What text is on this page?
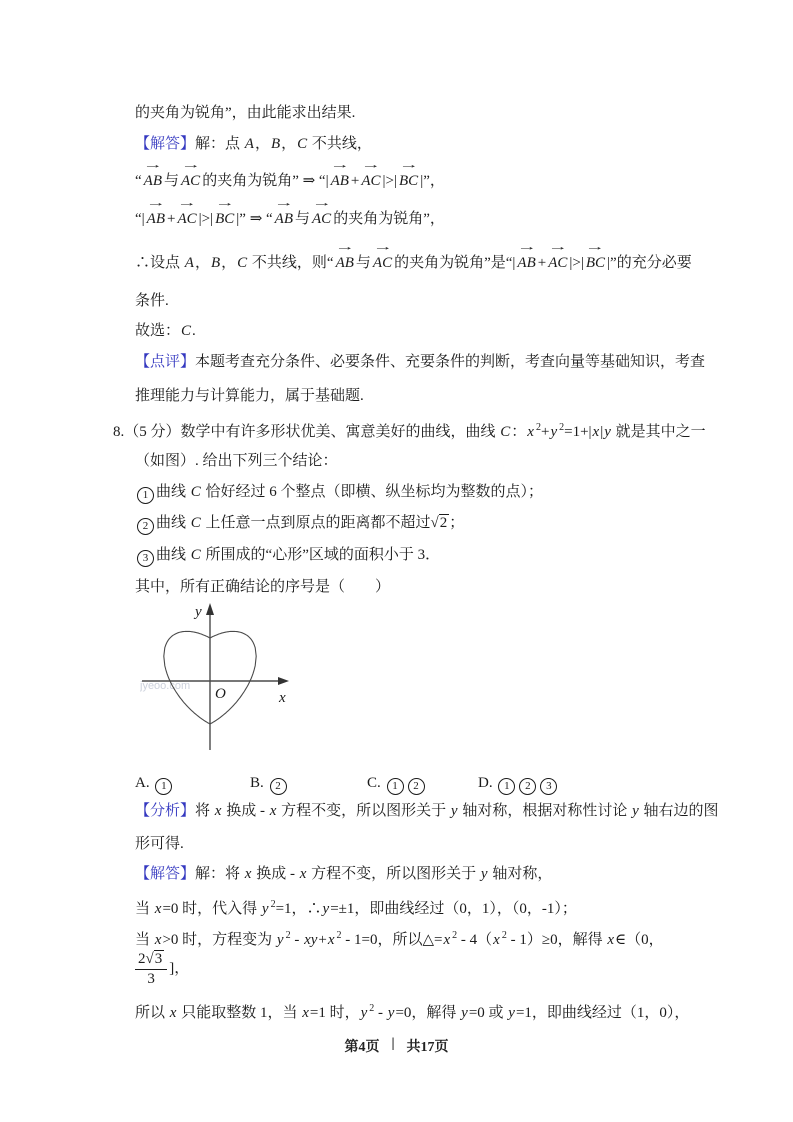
的夹角为锐角”，由此能求出结果.

【解答】解：点 A，B，C 不共线，

“
→
AB 与
→
AC 的夹角为锐角” ⇒ “|
→
AB +
→
AC |>|
→
BC |”，

“|
→
AB +
→
AC |>|
→
BC |” ⇒ “
→
AB 与
→
AC 的夹角为锐角”，

∴设点 A，B，C 不共线，则“
→
AB 与
→
AC 的夹角为锐角”是“|
→
AB +
→
AC |>|
→
BC |”的充分必要

条件.

故选：C.

【点评】本题考查充分条件、必要条件、充要条件的判断，考查向量等基础知识，考查

推理能力与计算能力，属于基础题.

8.（5 分）数学中有许多形状优美、寓意美好的曲线，曲线 C：x $^2$+y $^2$=1+|x|y 就是其中之一

（如图）. 给出下列三个结论：

1 曲线 C 恰好经过 6 个整点（即横、纵坐标均为整数的点）；

2 曲线 C 上任意一点到原点的距离都不超过√2 ；

3 曲线 C 所围成的“心形”区域的面积小于 3．

其中，所有正确结论的序号是（　　）

jyeoo.com
x
y
O

A. 1	B. 2	C. 1 2	D. 1 2 3

【分析】将 x 换成 - x 方程不变，所以图形关于 y 轴对称，根据对称性讨论 y 轴右边的图

形可得.

【解答】解：将 x 换成 - x 方程不变，所以图形关于 y 轴对称，

当 x=0 时，代入得 y $^2$=1，∴y=±1，即曲线经过（0，1），（0，-1）；

当 x>0 时，方程变为 y $^2$ - xy+x $^2$ - 1=0，所以△=x $^2$ - 4（x $^2$ - 1）≥0，解得 x∈（0，

$\frac{2√3}{3}$ ]，

所以 x 只能取整数 1，当 x=1 时，y $^2$ - y=0，解得 y=0 或 y=1，即曲线经过（1，0），

第4页 | 共17页
